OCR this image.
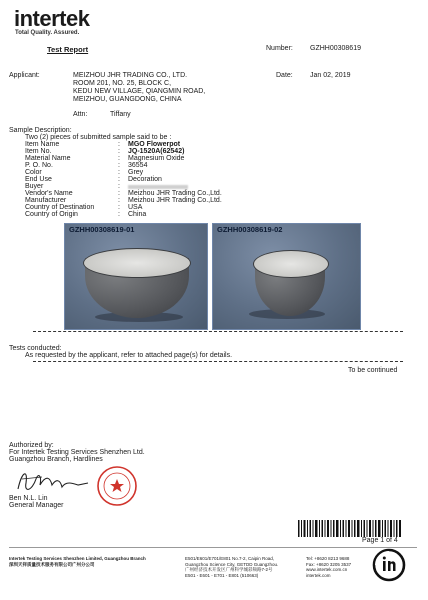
intertek
Total Quality. Assured.
Test Report	Number: GZHH00308619
Applicant:	MEIZHOU JHR TRADING CO., LTD.
ROOM 201, NO. 25, BLOCK C,
KEDU NEW VILLAGE, QIANGMIN ROAD,
MEIZHOU, GUANGDONG, CHINA
Date: Jan 02, 2019
Attn:	Tiffany
Sample Description:
Two (2) pieces of submitted sample said to be :
Item Name	: MGO Flowerpot
Item No.	: JQ-1520A(62542)
Material Name	: Magnesium Oxide
P. O. No.	: 36554
Color	: Grey
End Use	: Decoration
Buyer	:
Vendor's Name	: Meizhou JHR Trading Co.,Ltd.
Manufacturer	: Meizhou JHR Trading Co.,Ltd.
Country of Destination	: USA
Country of Origin	: China
GZHH00308619-01	GZHH00308619-02
Tests conducted:
As requested by the applicant, refer to attached page(s) for details.
To be continued
Authorized by:
For Intertek Testing Services Shenzhen Ltd.
Guangzhou Branch, Hardlines
Ben N.L. Lin
General Manager
Page 1 of 4
Intertek Testing Services Shenzhen Limited, Guangzhou Branch
深圳天祥质量技术服务有限公司广州分公司
E501/E601/E701/E801 No.7-2, Caipin Road,
Guangzhou Science City, GETDD Guangzhou.
广州经济技术开发区广州科学城彩频路7-2号
E501 - E601 - E701 - E801 (510663)
Tel: +8620 8213 9688
Fax: +8620 3205 3537
www.intertek.com.cn
intertek.com
